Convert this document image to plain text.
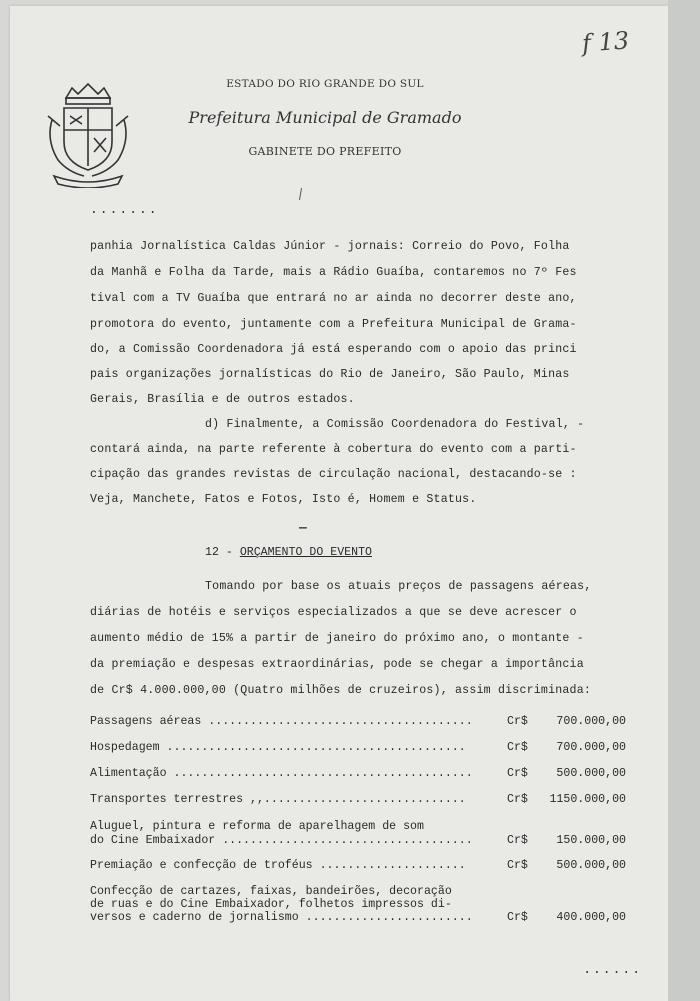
ESTADO DO RIO GRANDE DO SUL
Prefeitura Municipal de Gramado
GABINETE DO PREFEITO
f 13
.......
panhia Jornalística Caldas Júnior - jornais: Correio do Povo, Folha
da Manhã e Folha da Tarde, mais a Rádio Guaíba, contaremos no 7º Fes
tival com a TV Guaíba que entrará no ar ainda no decorrer deste ano,
promotora do evento, juntamente com a Prefeitura Municipal de Grama-
do, a Comissão Coordenadora já está esperando com o apoio das princi
pais organizações jornalísticas do Rio de Janeiro, São Paulo, Minas
Gerais, Brasília e de outros estados.
d) Finalmente, a Comissão Coordenadora do Festival, -
contará ainda, na parte referente à cobertura do evento com a parti-
cipação das grandes revistas de circulação nacional, destacando-se :
Veja, Manchete, Fatos e Fotos, Isto é, Homem e Status.
—
12 - ORÇAMENTO DO EVENTO
Tomando por base os atuais preços de passagens aéreas,
diárias de hotéis e serviços especializados a que se deve acrescer o
aumento médio de 15% a partir de janeiro do próximo ano, o montante -
da premiação e despesas extraordinárias, pode se chegar a importância
de Cr$ 4.000.000,00 (Quatro milhões de cruzeiros), assim discriminada:
Passagens aéreas ......................................	Cr$	700.000,00
Hospedagem ...........................................	Cr$	700.000,00
Alimentação ...........................................	Cr$	500.000,00
Transportes terrestres ,,.............................	Cr$	1150.000,00
Aluguel, pintura e reforma de aparelhagem de som
do Cine Embaixador ....................................	Cr$	150.000,00
Premiação e confecção de troféus .....................	Cr$	500.000,00
Confecção de cartazes, faixas, bandeirões, decoração
de ruas e do Cine Embaixador, folhetos impressos di-
versos e caderno de jornalismo ........................	Cr$	400.000,00
......
